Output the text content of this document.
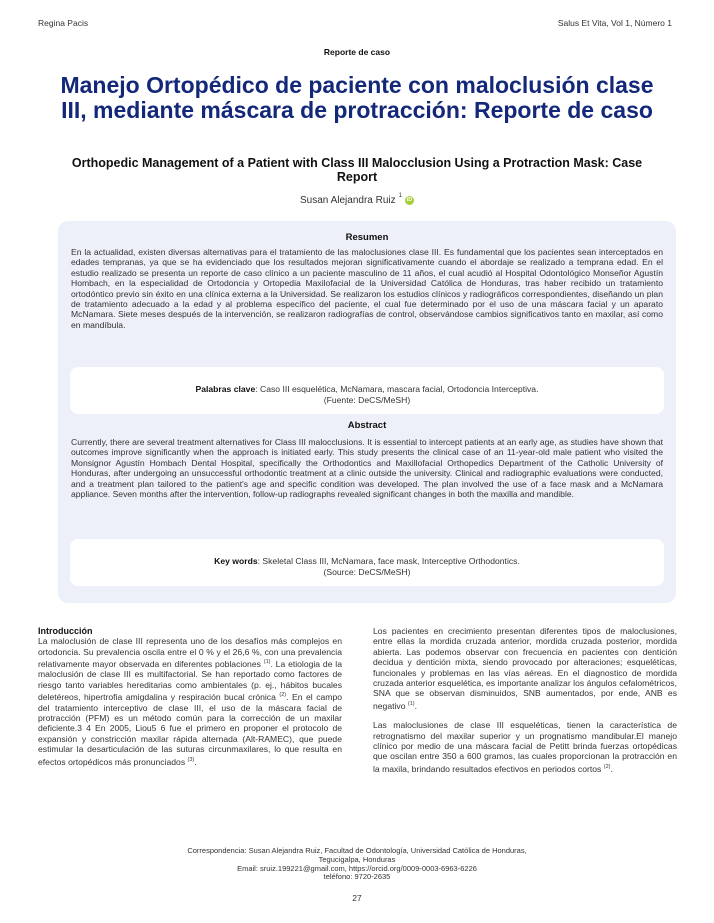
Regina Pacis	Salus Et Vita, Vol 1, Número 1
Reporte de caso
Manejo Ortopédico de paciente con maloclusión clase III, mediante máscara de protracción: Reporte de caso
Orthopedic Management of a Patient with Class III Malocclusion Using a Protraction Mask: Case Report
Susan Alejandra Ruiz $^1$iD
Resumen
En la actualidad, existen diversas alternativas para el tratamiento de las maloclusiones clase III. Es fundamental que los pacientes sean interceptados en edades tempranas, ya que se ha evidenciado que los resultados mejoran significativamente cuando el abordaje se realizado a temprana edad. En el estudio realizado se presenta un reporte de caso clínico a un paciente masculino de 11 años, el cual acudió al Hospital Odontológico Monseñor Agustín Hombach, en la especialidad de Ortodoncia y Ortopedia Maxilofacial de la Universidad Católica de Honduras, tras haber recibido un tratamiento ortodóntico previo sin éxito en una clínica externa a la Universidad. Se realizaron los estudios clínicos y radiográficos correspondientes, diseñando un plan de tratamiento adecuado a la edad y al problema específico del paciente, el cual fue determinado por el uso de una máscara facial y un aparato McNamara. Siete meses después de la intervención, se realizaron radiografías de control, observándose cambios significativos tanto en maxilar, así como en mandíbula.
Palabras clave: Caso III esquelética, McNamara, mascara facial, Ortodoncia Interceptiva.
(Fuente: DeCS/MeSH)
Abstract
Currently, there are several treatment alternatives for Class III malocclusions. It is essential to intercept patients at an early age, as studies have shown that outcomes improve significantly when the approach is initiated early. This study presents the clinical case of an 11-year-old male patient who visited the Monsignor Agustín Hombach Dental Hospital, specifically the Orthodontics and Maxillofacial Orthopedics Department of the Catholic University of Honduras, after undergoing an unsuccessful orthodontic treatment at a clinic outside the university. Clinical and radiographic evaluations were conducted, and a treatment plan tailored to the patient's age and specific condition was developed. The plan involved the use of a face mask and a McNamara appliance. Seven months after the intervention, follow-up radiographs revealed significant changes in both the maxilla and mandible.
Key words: Skeletal Class III, McNamara, face mask, Interceptive Orthodontics.
(Source: DeCS/MeSH)
Introducción

La maloclusión de clase III representa uno de los desafíos más complejos en ortodoncia. Su prevalencia oscila entre el 0 % y el 26,6 %, con una prevalencia relativamente mayor observada en diferentes poblaciones $^{(1)}$. La etiologia de la maloclusión de clase III es multifactorial. Se han reportado como factores de riesgo tanto variables hereditarias como ambientales (p. ej., hábitos bucales deletéreos, hipertrofia amigdalina y respiración bucal crónica $^{(2)}$. En el campo del tratamiento interceptivo de clase III, el uso de la máscara facial de protracción (PFM) es un método común para la corrección de un maxilar deficiente.3 4 En 2005, Liou5 6 fue el primero en proponer el protocolo de expansión y constricción maxilar rápida alternada (Alt-RAMEC), que puede estimular la desarticulación de las suturas circunmaxilares, lo que resulta en efectos ortopédicos más pronunciados $^{(3)}$.

Los pacientes en crecimiento presentan diferentes tipos de maloclusiones, entre ellas la mordida cruzada anterior, mordida cruzada posterior, mordida abierta. Las podemos observar con frecuencia en pacientes con dentición decidua y dentición mixta, siendo provocado por alteraciones; esqueléticas, funcionales y problemas en las vías aéreas. En el diagnostico de mordida cruzada anterior esquelética, es importante analizar los ángulos cefalométricos, SNA que se observan disminuidos, SNB aumentados, por ende, ANB es negativo $^{(1)}$.

Las maloclusiones de clase III esqueléticas, tienen la característica de retrognatismo del maxilar superior y un prognatismo mandibular.El manejo clínico por medio de una máscara facial de Petitt brinda fuerzas ortopédicas que oscilan entre 350 a 600 gramos, las cuales proporcionan la protracción en la maxila, brindando resultados efectivos en periodos cortos $^{(2)}$.

Correspondencia: Susan Alejandra Ruiz, Facultad de Odontología, Universidad Católica de Honduras,
Tegucigalpa, Honduras
Email: sruiz.199221@gmail.com, https://orcid.org/0009-0003-6963-6226
teléfono: 9720-2635
27
